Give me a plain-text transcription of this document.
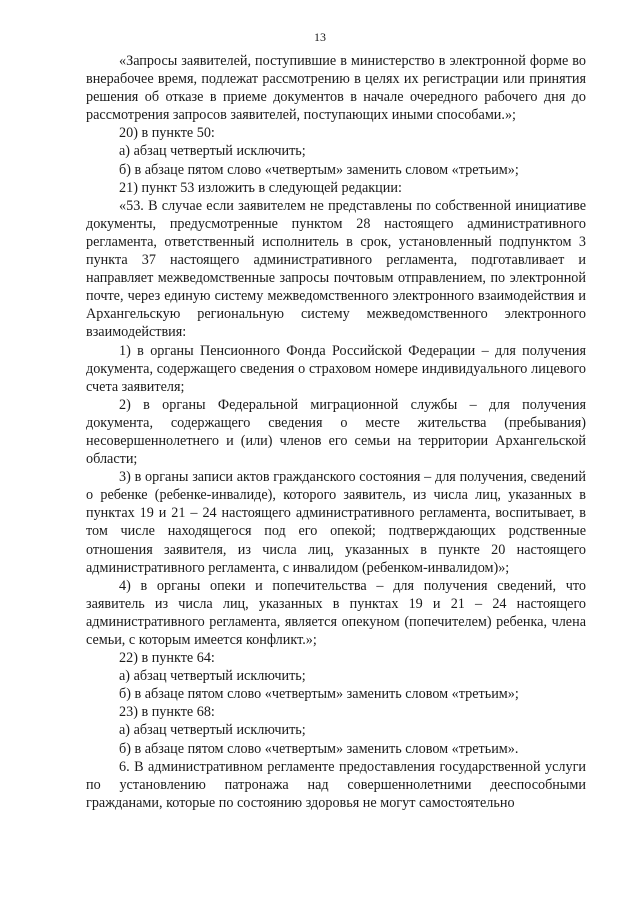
13

«Запросы заявителей, поступившие в министерство в электронной форме во внерабочее время, подлежат рассмотрению в целях их регистрации или принятия решения об отказе в приеме документов в начале очередного рабочего дня до рассмотрения запросов заявителей, поступающих иными способами.»;

20) в пункте 50:

а) абзац четвертый исключить;

б) в абзаце пятом слово «четвертым» заменить словом «третьим»;

21) пункт 53 изложить в следующей редакции:

«53. В случае если заявителем не представлены по собственной инициативе документы, предусмотренные пунктом 28 настоящего административного регламента, ответственный исполнитель в срок, установленный подпунктом 3 пункта 37 настоящего административного регламента, подготавливает и направляет межведомственные запросы почтовым отправлением, по электронной почте, через единую систему межведомственного электронного взаимодействия и Архангельскую региональную систему межведомственного электронного взаимодействия:

1) в органы Пенсионного Фонда Российской Федерации – для получения документа, содержащего сведения о страховом номере индивидуального лицевого счета заявителя;

2) в органы Федеральной миграционной службы – для получения документа, содержащего сведения о месте жительства (пребывания) несовершеннолетнего и (или) членов его семьи на территории Архангельской области;

3) в органы записи актов гражданского состояния – для получения, сведений о ребенке (ребенке-инвалиде), которого заявитель, из числа лиц, указанных в пунктах 19 и 21 – 24 настоящего административного регламента, воспитывает, в том числе находящегося под его опекой; подтверждающих родственные отношения заявителя, из числа лиц, указанных в пункте 20 настоящего административного регламента, с инвалидом (ребенком-инвалидом)»;

4) в органы опеки и попечительства – для получения сведений, что заявитель из числа лиц, указанных в пунктах 19 и 21 – 24 настоящего административного регламента, является опекуном (попечителем) ребенка, члена семьи, с которым имеется конфликт.»;

22) в пункте 64:

а) абзац четвертый исключить;

б) в абзаце пятом слово «четвертым» заменить словом «третьим»;

23) в пункте 68:

а) абзац четвертый исключить;

б) в абзаце пятом слово «четвертым» заменить словом «третьим».

6. В административном регламенте предоставления государственной услуги по установлению патронажа над совершеннолетними дееспособными гражданами, которые по состоянию здоровья не могут самостоятельно
